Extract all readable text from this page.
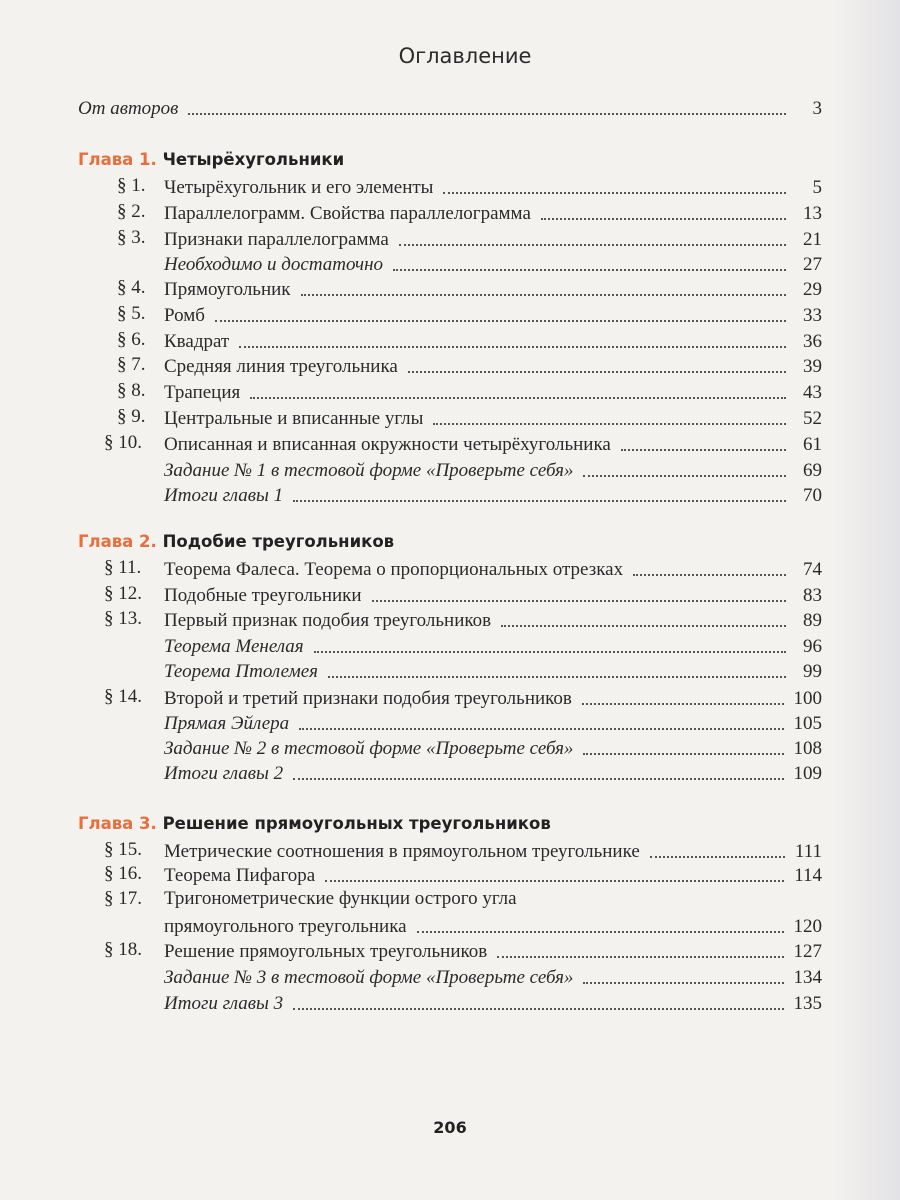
Оглавление
От авторов	3
Глава 1. Четырёхугольники
Глава 2. Подобие треугольников
Глава 3. Решение прямоугольных треугольников
§ 1. Четырёхугольник и его элементы	5
§ 2. Параллелограмм. Свойства параллелограмма	13
§ 3. Признаки параллелограмма	21
Необходимо и достаточно	27
§ 4. Прямоугольник	29
§ 5. Ромб	33
§ 6. Квадрат	36
§ 7. Средняя линия треугольника	39
§ 8. Трапеция	43
§ 9. Центральные и вписанные углы	52
§ 10. Описанная и вписанная окружности четырёхугольника	61
Задание № 1 в тестовой форме «Проверьте себя»	69
Итоги главы 1	70
§ 11. Теорема Фалеса. Теорема о пропорциональных отрезках	74
§ 12. Подобные треугольники	83
§ 13. Первый признак подобия треугольников	89
Теорема Менелая	96
Теорема Птолемея	99
§ 14. Второй и третий признаки подобия треугольников	100
Прямая Эйлера	105
Задание № 2 в тестовой форме «Проверьте себя»	108
Итоги главы 2	109
§ 15. Метрические соотношения в прямоугольном треугольнике	111
§ 16. Теорема Пифагора	114
§ 17. Тригонометрические функции острого угла
прямоугольного треугольника	120
§ 18. Решение прямоугольных треугольников	127
Задание № 3 в тестовой форме «Проверьте себя»	134
Итоги главы 3	135
206
